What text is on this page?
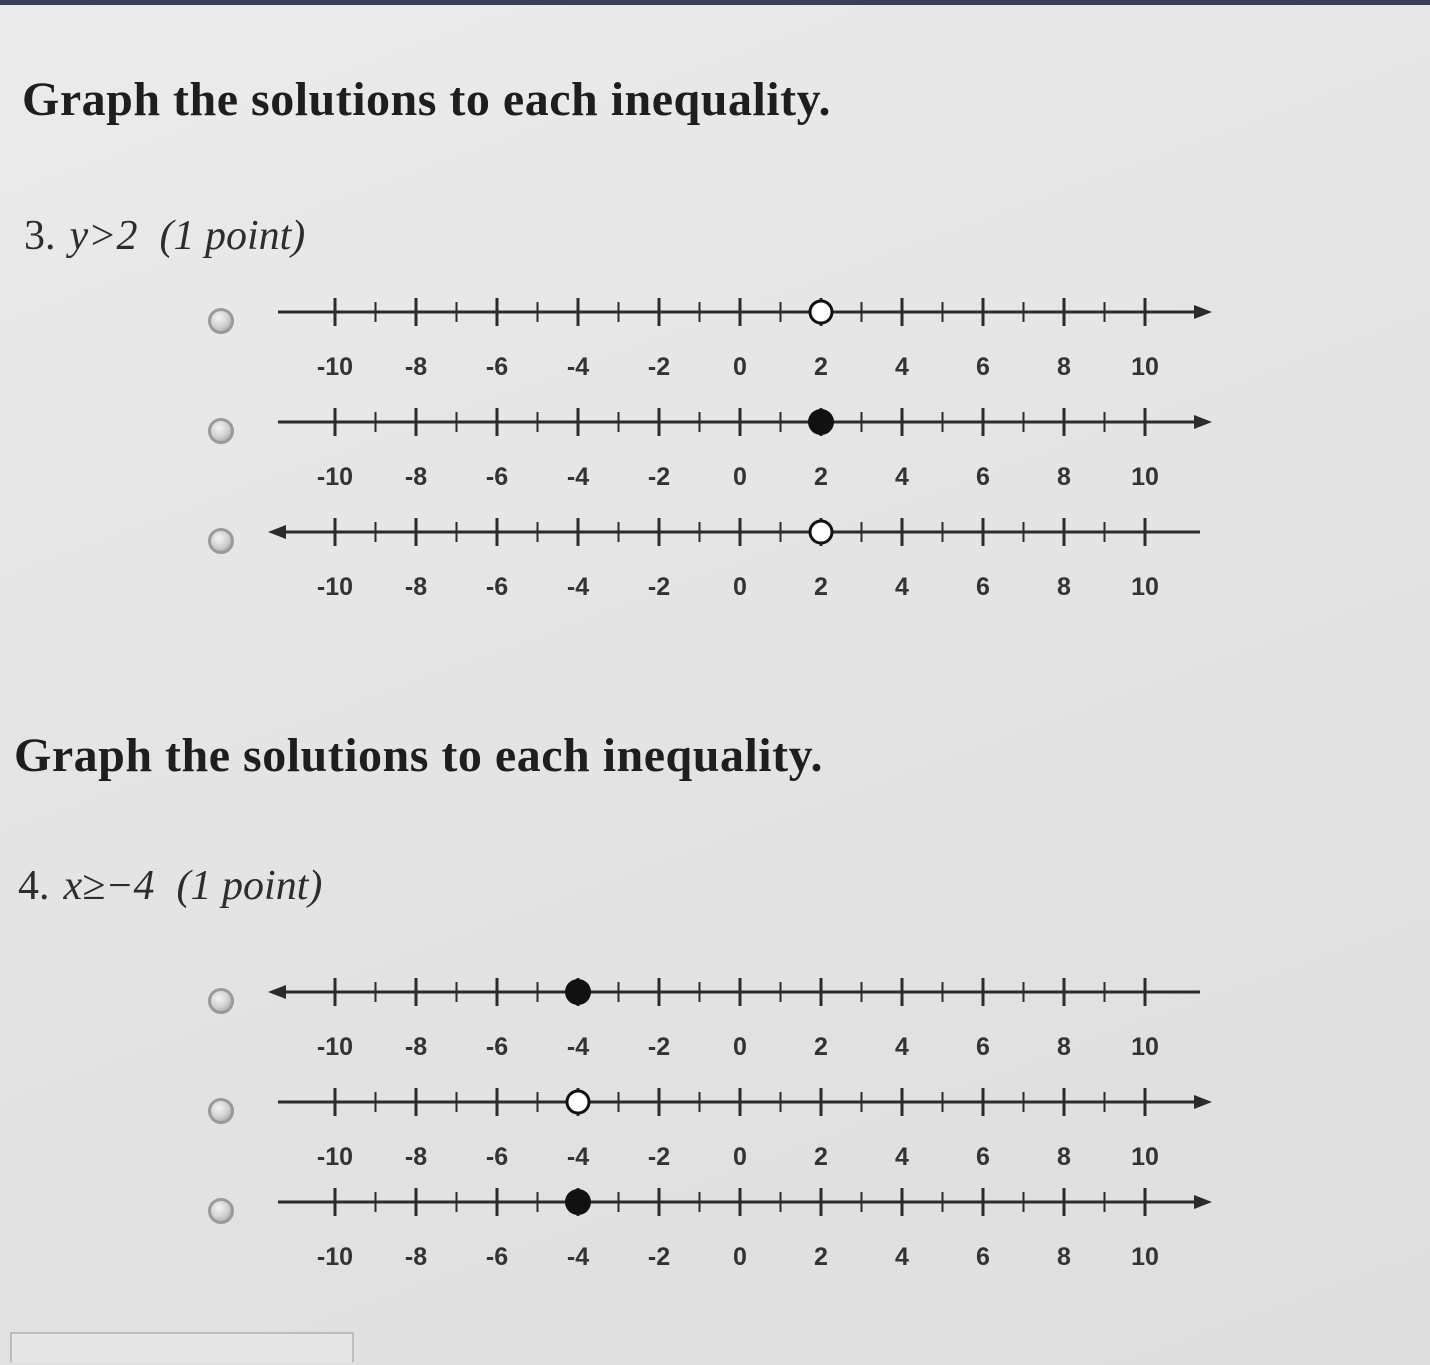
Graph the solutions to each inequality.
3. y>2 (1 point)
-10 -8 -6 -4 -2	0	2	4	6	8 10
-10 -8 -6 -4 -2	0	2	4	6	8 10
-10 -8 -6 -4 -2	0	2	4	6	8 10
Graph the solutions to each inequality.
4. x≥−4 (1 point)
-10 -8 -6 -4 -2	0	2	4	6	8 10
-10 -8 -6 -4 -2	0	2	4	6	8 10
-10 -8 -6 -4 -2	0	2	4	6	8 10
